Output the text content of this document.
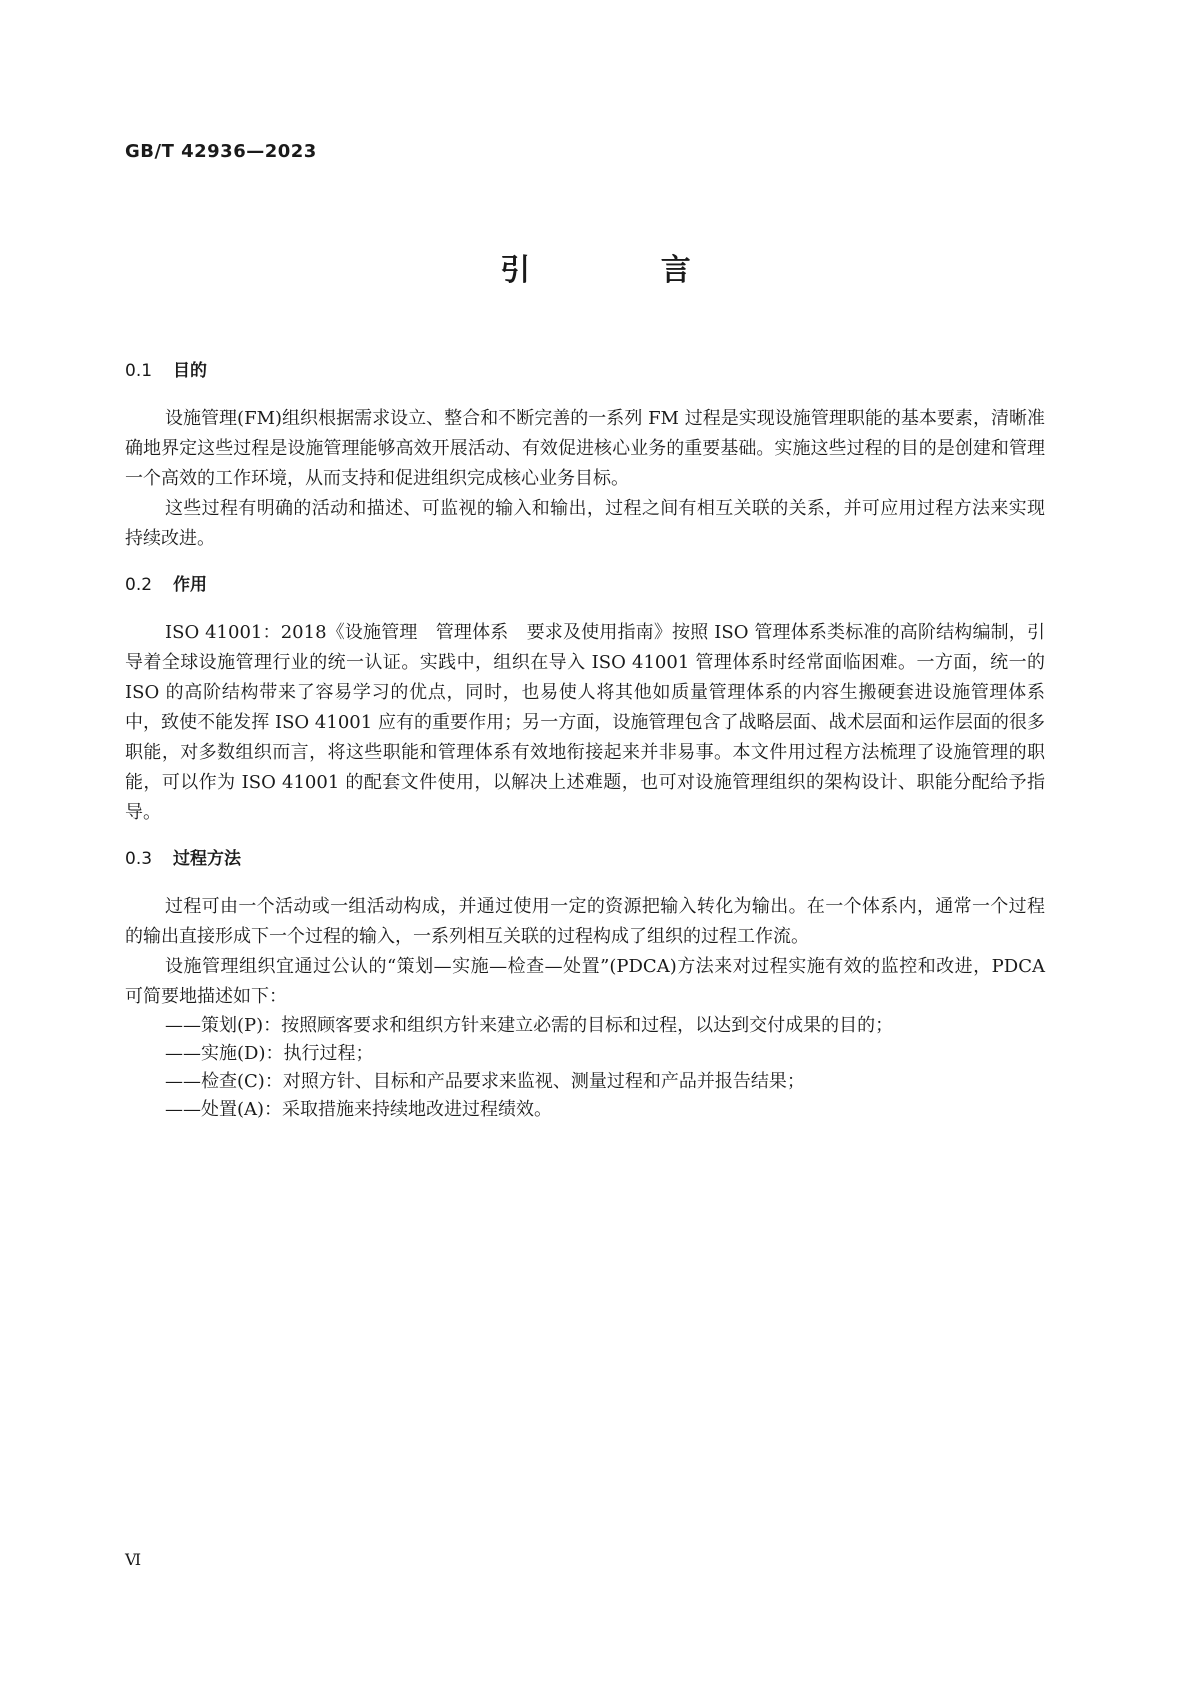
GB/T 42936—2023
引 言
0.1 目的

设施管理(FM)组织根据需求设立、整合和不断完善的一系列 FM 过程是实现设施管理职能的基本要素，清晰准确地界定这些过程是设施管理能够高效开展活动、有效促进核心业务的重要基础。实施这些过程的目的是创建和管理一个高效的工作环境，从而支持和促进组织完成核心业务目标。

这些过程有明确的活动和描述、可监视的输入和输出，过程之间有相互关联的关系，并可应用过程方法来实现持续改进。

0.2 作用

ISO 41001：2018《设施管理　管理体系　要求及使用指南》按照 ISO 管理体系类标准的高阶结构编制，引导着全球设施管理行业的统一认证。实践中，组织在导入 ISO 41001 管理体系时经常面临困难。一方面，统一的 ISO 的高阶结构带来了容易学习的优点，同时，也易使人将其他如质量管理体系的内容生搬硬套进设施管理体系中，致使不能发挥 ISO 41001 应有的重要作用；另一方面，设施管理包含了战略层面、战术层面和运作层面的很多职能，对多数组织而言，将这些职能和管理体系有效地衔接起来并非易事。本文件用过程方法梳理了设施管理的职能，可以作为 ISO 41001 的配套文件使用，以解决上述难题，也可对设施管理组织的架构设计、职能分配给予指导。

0.3 过程方法

过程可由一个活动或一组活动构成，并通过使用一定的资源把输入转化为输出。在一个体系内，通常一个过程的输出直接形成下一个过程的输入，一系列相互关联的过程构成了组织的过程工作流。

设施管理组织宜通过公认的“策划—实施—检查—处置”(PDCA)方法来对过程实施有效的监控和改进，PDCA 可简要地描述如下：

——策划(P)：按照顾客要求和组织方针来建立必需的目标和过程，以达到交付成果的目的；

——实施(D)：执行过程；

——检查(C)：对照方针、目标和产品要求来监视、测量过程和产品并报告结果；

——处置(A)：采取措施来持续地改进过程绩效。

Ⅵ
